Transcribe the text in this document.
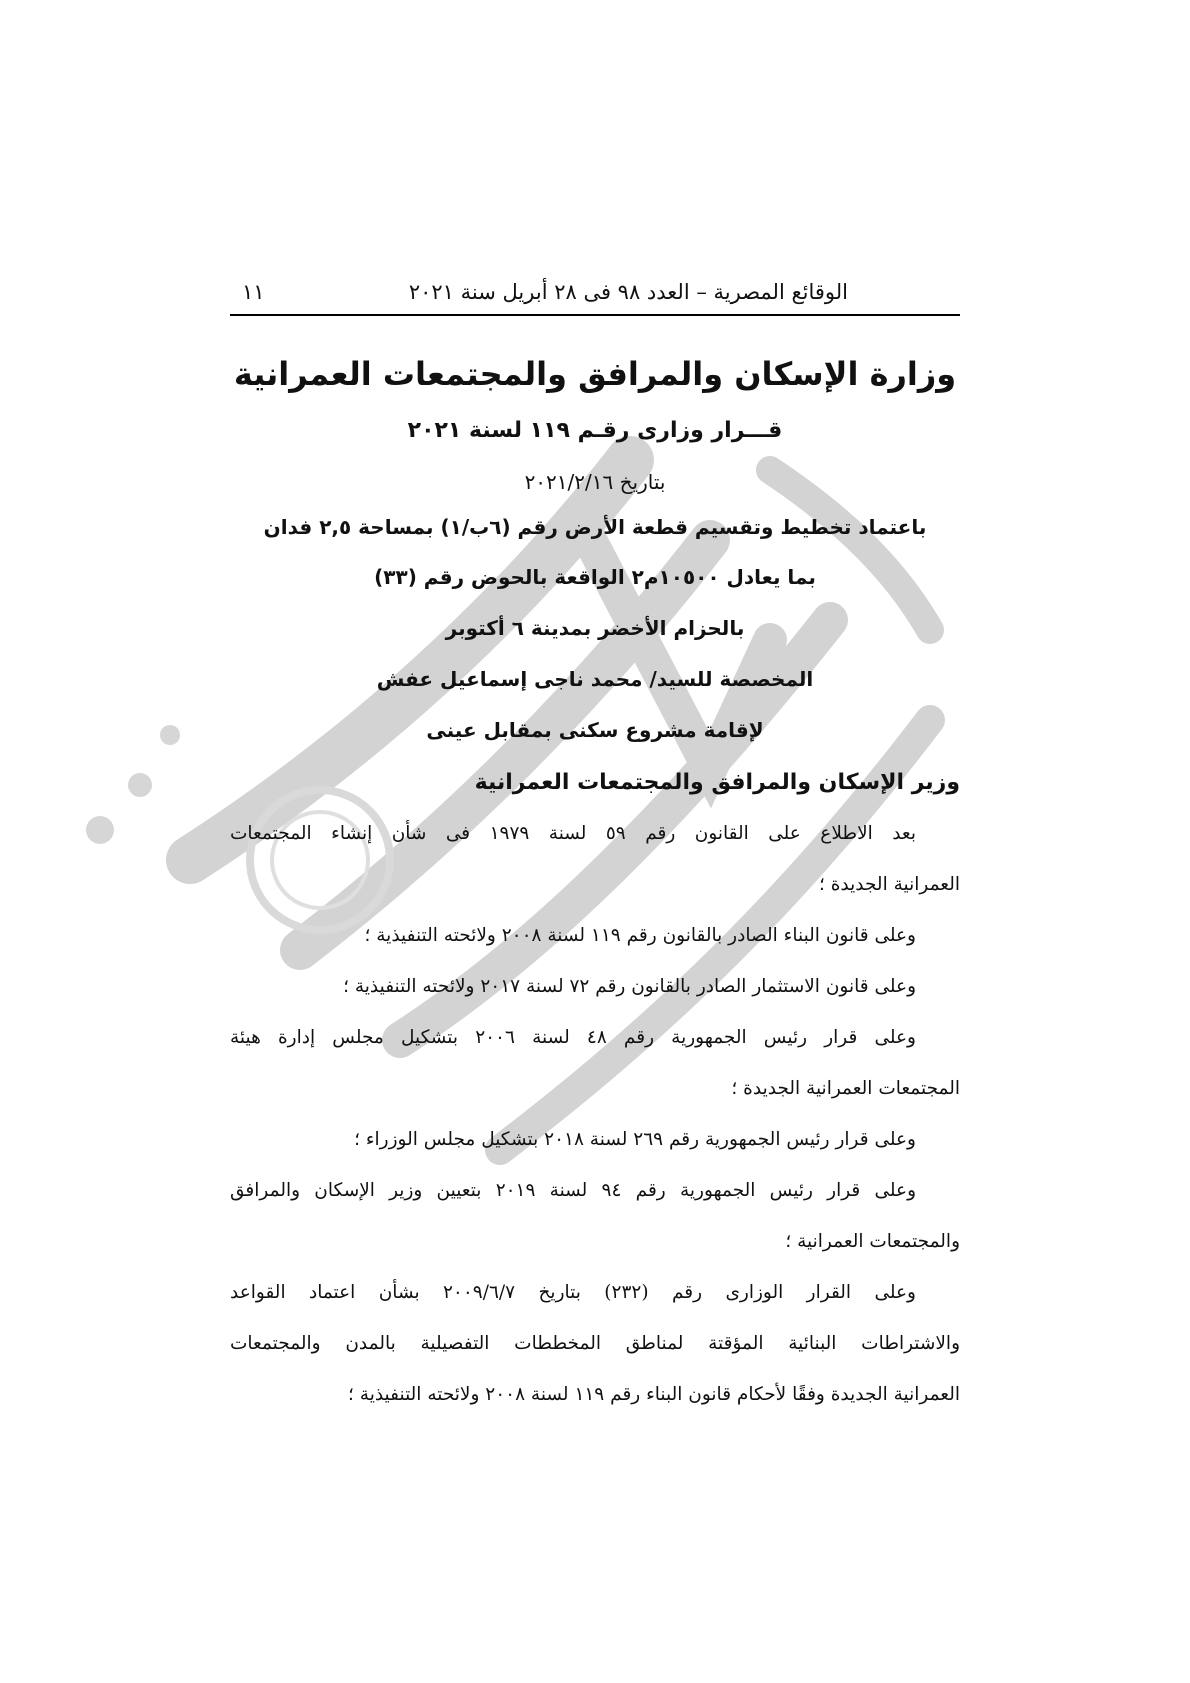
الوقائع المصرية – العدد ٩٨ فى ٢٨ أبريل سنة ٢٠٢١
١١
وزارة الإسكان والمرافق والمجتمعات العمرانية
قـــرار وزارى رقـم ١١٩ لسنة ٢٠٢١
بتاريخ ٢٠٢١/٢/١٦
باعتماد تخطيط وتقسيم قطعة الأرض رقم (٦ب/١) بمساحة ٢,٥ فدان
بما يعادل ١٠٥٠٠م٢ الواقعة بالحوض رقم (٣٣)
بالحزام الأخضر بمدينة ٦ أكتوبر
المخصصة للسيد/ محمد ناجى إسماعيل عفش
لإقامة مشروع سكنى بمقابل عينى
وزير الإسكان والمرافق والمجتمعات العمرانية
بعد الاطلاع على القانون رقم ٥٩ لسنة ١٩٧٩ فى شأن إنشاء المجتمعات
العمرانية الجديدة ؛
وعلى قانون البناء الصادر بالقانون رقم ١١٩ لسنة ٢٠٠٨ ولائحته التنفيذية ؛
وعلى قانون الاستثمار الصادر بالقانون رقم ٧٢ لسنة ٢٠١٧ ولائحته التنفيذية ؛
وعلى قرار رئيس الجمهورية رقم ٤٨ لسنة ٢٠٠٦ بتشكيل مجلس إدارة هيئة
المجتمعات العمرانية الجديدة ؛
وعلى قرار رئيس الجمهورية رقم ٢٦٩ لسنة ٢٠١٨ بتشكيل مجلس الوزراء ؛
وعلى قرار رئيس الجمهورية رقم ٩٤ لسنة ٢٠١٩ بتعيين وزير الإسكان والمرافق
والمجتمعات العمرانية ؛
وعلى القرار الوزارى رقم (٢٣٢) بتاريخ ٢٠٠٩/٦/٧ بشأن اعتماد القواعد
والاشتراطات البنائية المؤقتة لمناطق المخططات التفصيلية بالمدن والمجتمعات
العمرانية الجديدة وفقًا لأحكام قانون البناء رقم ١١٩ لسنة ٢٠٠٨ ولائحته التنفيذية ؛
